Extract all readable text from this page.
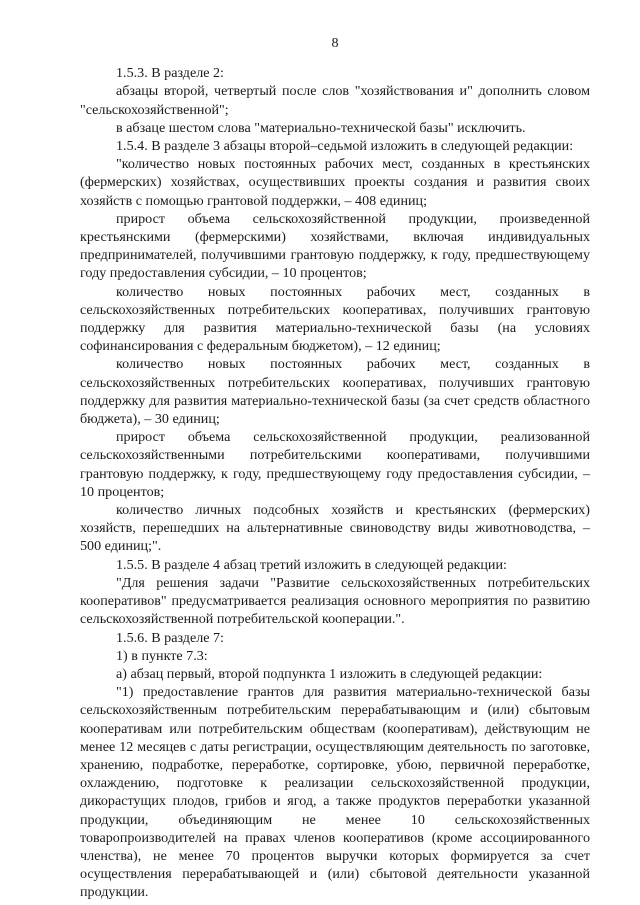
8

1.5.3. В разделе 2:

абзацы второй, четвертый после слов "хозяйствования и" дополнить словом "сельскохозяйственной";

в абзаце шестом слова "материально-технической базы" исключить.

1.5.4. В разделе 3 абзацы второй–седьмой изложить в следующей редакции:

"количество новых постоянных рабочих мест, созданных в крестьянских (фермерских) хозяйствах, осуществивших проекты создания и развития своих хозяйств с помощью грантовой поддержки, – 408 единиц;

прирост объема сельскохозяйственной продукции, произведенной крестьянскими (фермерскими) хозяйствами, включая индивидуальных предпринимателей, получившими грантовую поддержку, к году, предшествующему году предоставления субсидии, – 10 процентов;

количество новых постоянных рабочих мест, созданных в сельскохозяйственных потребительских кооперативах, получивших грантовую поддержку для развития материально-технической базы (на условиях софинансирования с федеральным бюджетом), – 12 единиц;

количество новых постоянных рабочих мест, созданных в сельскохозяйственных потребительских кооперативах, получивших грантовую поддержку для развития материально-технической базы (за счет средств областного бюджета), – 30 единиц;

прирост объема сельскохозяйственной продукции, реализованной сельскохозяйственными потребительскими кооперативами, получившими грантовую поддержку, к году, предшествующему году предоставления субсидии, – 10 процентов;

количество личных подсобных хозяйств и крестьянских (фермерских) хозяйств, перешедших на альтернативные свиноводству виды животноводства, – 500 единиц;".

1.5.5. В разделе 4 абзац третий изложить в следующей редакции:

"Для решения задачи "Развитие сельскохозяйственных потребительских кооперативов" предусматривается реализация основного мероприятия по развитию сельскохозяйственной потребительской кооперации.".

1.5.6. В разделе 7:

1) в пункте 7.3:

а) абзац первый, второй подпункта 1 изложить в следующей редакции:

"1) предоставление грантов для развития материально-технической базы сельскохозяйственным потребительским перерабатывающим и (или) сбытовым кооперативам или потребительским обществам (кооперативам), действующим не менее 12 месяцев с даты регистрации, осуществляющим деятельность по заготовке, хранению, подработке, переработке, сортировке, убою, первичной переработке, охлаждению, подготовке к реализации сельскохозяйственной продукции, дикорастущих плодов, грибов и ягод, а также продуктов переработки указанной продукции, объединяющим не менее 10 сельскохозяйственных товаропроизводителей на правах членов кооперативов (кроме ассоциированного членства), не менее 70 процентов выручки которых формируется за счет осуществления перерабатывающей и (или) сбытовой деятельности указанной продукции.
